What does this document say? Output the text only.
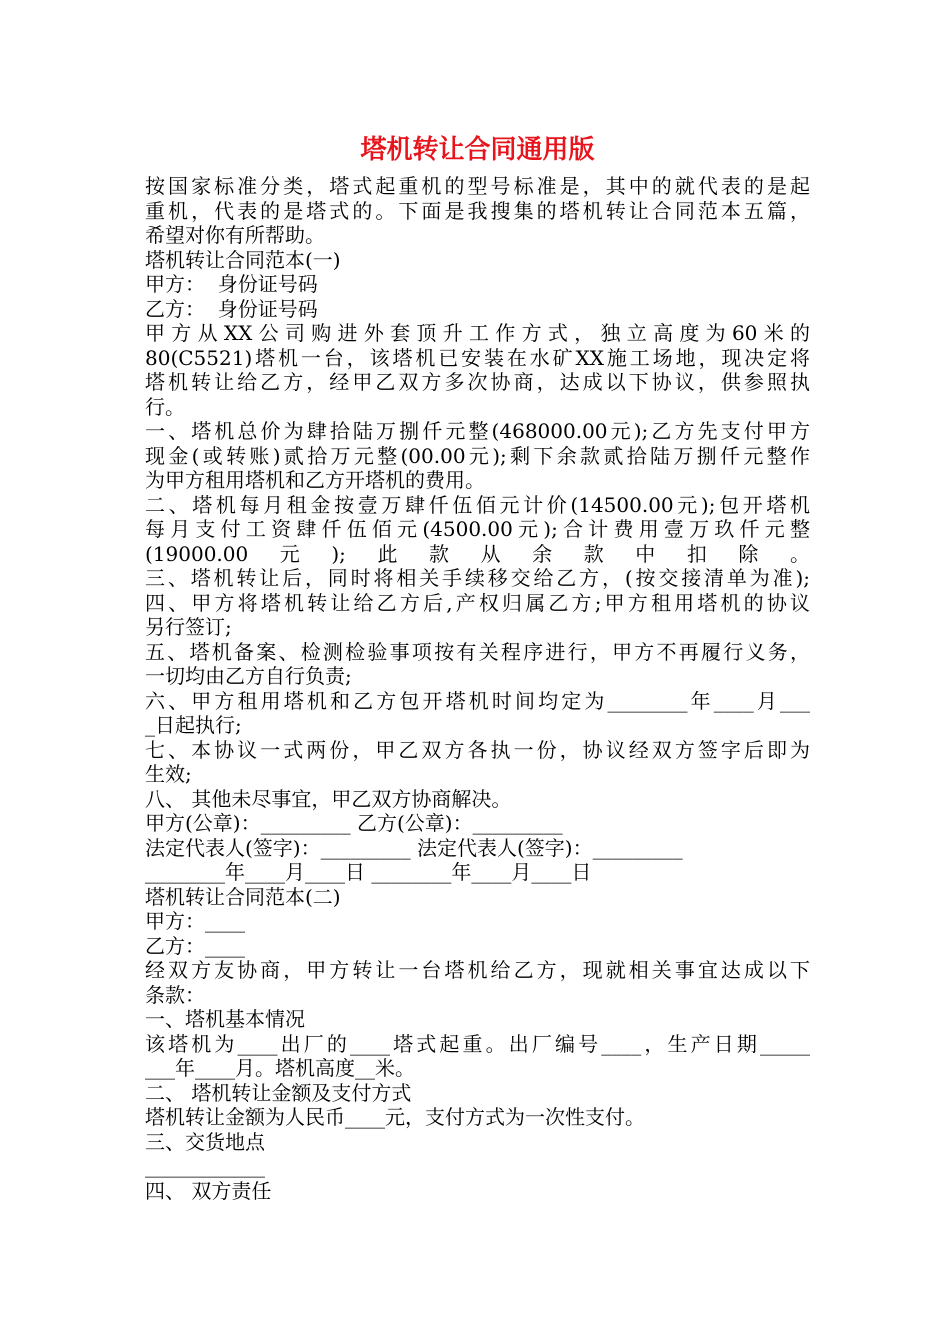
塔机转让合同通用版
按国家标准分类，塔式起重机的型号标准是，其中的就代表的是起
重机，代表的是塔式的。下面是我搜集的塔机转让合同范本五篇，
希望对你有所帮助。
塔机转让合同范本(一)
甲方：  身份证号码
乙方：  身份证号码
甲方从XX公司购进外套顶升工作方式，独立高度为60米的
80(C5521)塔机一台，该塔机已安装在水矿XX施工场地，现决定将
塔机转让给乙方，经甲乙双方多次协商，达成以下协议，供参照执
行。
一、塔机总价为肆拾陆万捌仟元整(468000.00元);乙方先支付甲方
现金(或转账)贰拾万元整(00.00元);剩下余款贰拾陆万捌仟元整作
为甲方租用塔机和乙方开塔机的费用。
二、塔机每月租金按壹万肆仟伍佰元计价(14500.00元);包开塔机
每月支付工资肆仟伍佰元(4500.00元);合计费用壹万玖仟元整
(19000.00元);此款从余款中扣除。
三、塔机转让后，同时将相关手续移交给乙方，(按交接清单为准);
四、甲方将塔机转让给乙方后,产权归属乙方;甲方租用塔机的协议
另行签订;
五、塔机备案、检测检验事项按有关程序进行，甲方不再履行义务，
一切均由乙方自行负责;
六、甲方租用塔机和乙方包开塔机时间均定为________年____月___
_日起执行;
七、本协议一式两份，甲乙双方各执一份，协议经双方签字后即为
生效;
八、 其他未尽事宜，甲乙双方协商解决。
甲方(公章)：_________ 乙方(公章)：_________
法定代表人(签字)：_________ 法定代表人(签字)：_________
________年____月____日 ________年____月____日
塔机转让合同范本(二)
甲方：____
乙方：____
经双方友协商，甲方转让一台塔机给乙方，现就相关事宜达成以下
条款：
一、塔机基本情况
该塔机为____出厂的____塔式起重。出厂编号____，生产日期_____
___年____月。塔机高度__米。
二、 塔机转让金额及支付方式
塔机转让金额为人民币____元，支付方式为一次性支付。
三、交货地点
____________
四、 双方责任
